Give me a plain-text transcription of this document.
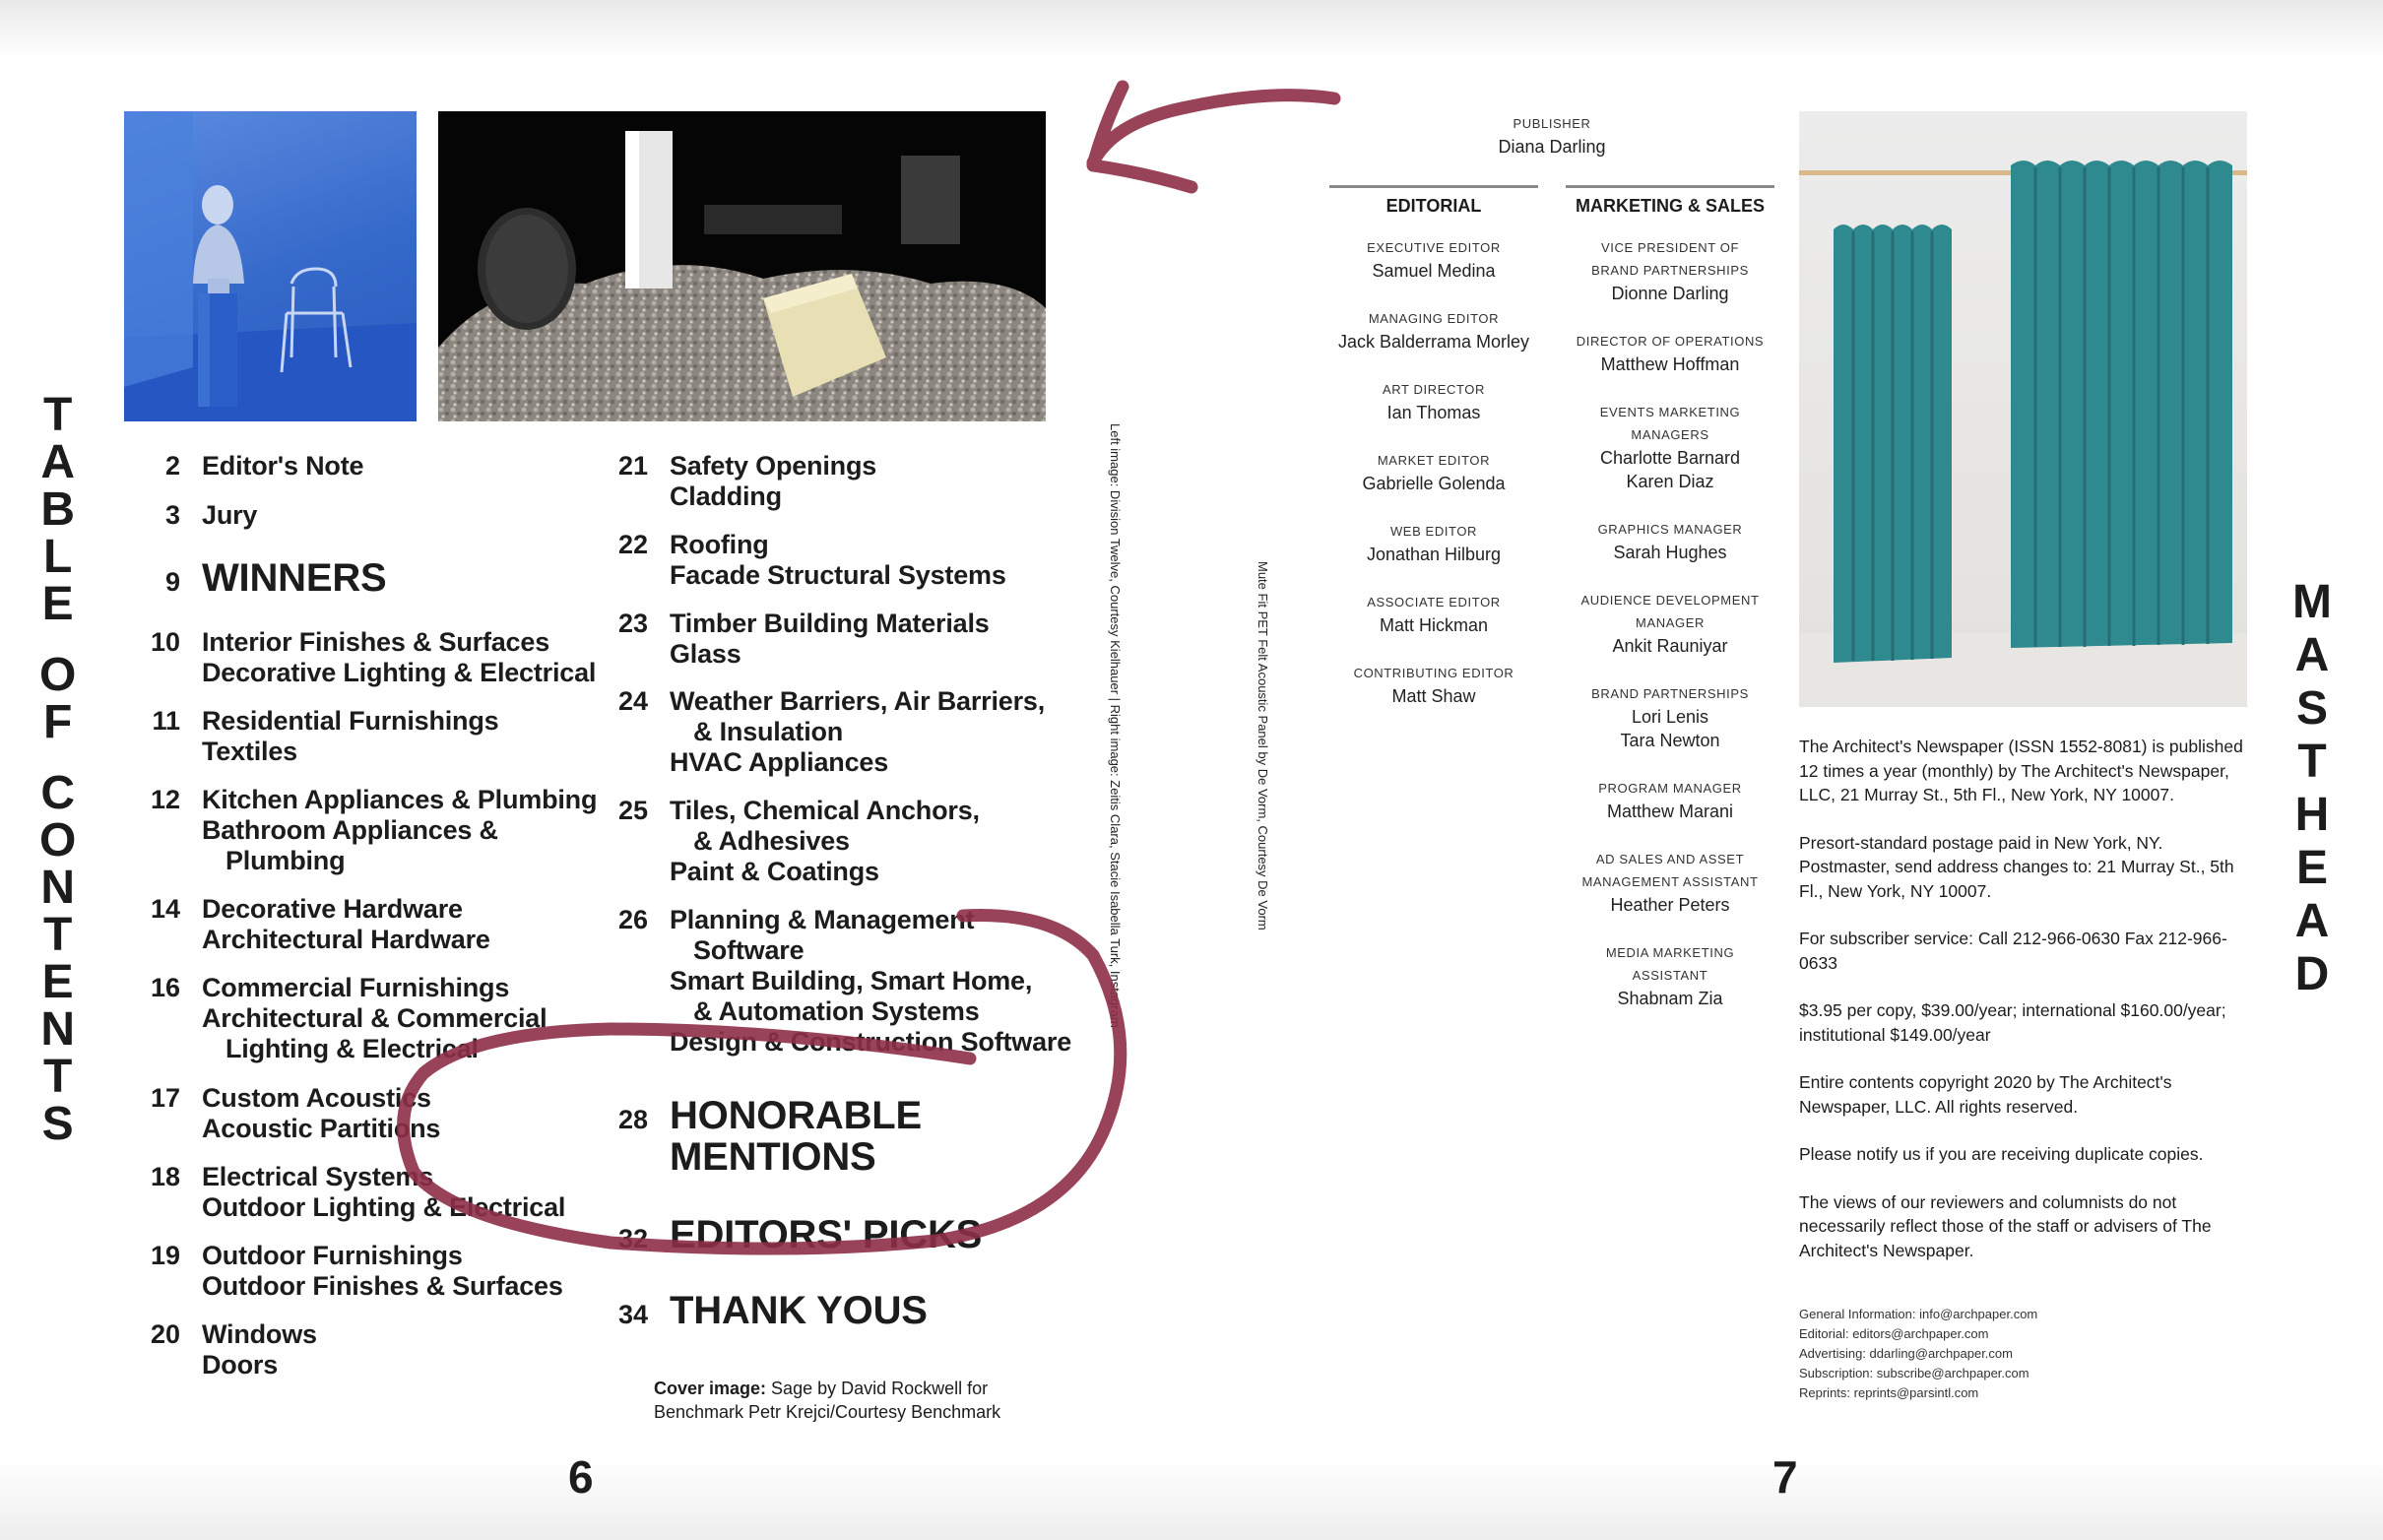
T
A
B
L
E
O
F
C
O
N
T
E
N
T
S
2 Editor's Note
3 Jury
9 WINNERS
10 Interior Finishes & Surfaces
Decorative Lighting & Electrical
11 Residential Furnishings
Textiles
12 Kitchen Appliances & Plumbing
Bathroom Appliances &
Plumbing
14 Decorative Hardware
Architectural Hardware
16 Commercial Furnishings
Architectural & Commercial
Lighting & Electrical
17 Custom Acoustics
Acoustic Partitions
18 Electrical Systems
Outdoor Lighting & Electrical
19 Outdoor Furnishings
Outdoor Finishes & Surfaces
20 Windows
Doors
21 Safety Openings
Cladding
22 Roofing
Facade Structural Systems
23 Timber Building Materials
Glass
24 Weather Barriers, Air Barriers,
& Insulation
HVAC Appliances
25 Tiles, Chemical Anchors,
& Adhesives
Paint & Coatings
26 Planning & Management
Software
Smart Building, Smart Home,
& Automation Systems
Design & Construction Software
28 HONORABLE
MENTIONS
32 EDITORS' PICKS
34 THANK YOUS
Cover image: Sage by David Rockwell for
Benchmark Petr Krejci/Courtesy Benchmark
Left image: Division Twelve, Courtesy Kielhauer | Right image: Zeitis Clara, Stacie Isabella Turk, Instagram
6
Mute Fit PET Felt Acoustic Panel by De Vorm, Courtesy De Vorm
PUBLISHER
Diana Darling
EDITORIAL	MARKETING & SALES
EXECUTIVE EDITOR
Samuel Medina
MANAGING EDITOR
Jack Balderrama Morley
ART DIRECTOR
Ian Thomas
MARKET EDITOR
Gabrielle Golenda
WEB EDITOR
Jonathan Hilburg
ASSOCIATE EDITOR
Matt Hickman
CONTRIBUTING EDITOR
Matt Shaw
VICE PRESIDENT OF
BRAND PARTNERSHIPS
Dionne Darling
DIRECTOR OF OPERATIONS
Matthew Hoffman
EVENTS MARKETING
MANAGERS
Charlotte Barnard
Karen Diaz
GRAPHICS MANAGER
Sarah Hughes
AUDIENCE DEVELOPMENT
MANAGER
Ankit Rauniyar
BRAND PARTNERSHIPS
Lori Lenis
Tara Newton
PROGRAM MANAGER
Matthew Marani
AD SALES AND ASSET
MANAGEMENT ASSISTANT
Heather Peters
MEDIA MARKETING
ASSISTANT
Shabnam Zia

The Architect's Newspaper (ISSN 1552-8081) is published 12 times a year (monthly) by The Architect's Newspaper, LLC, 21 Murray St., 5th Fl., New York, NY 10007.

Presort-standard postage paid in New York, NY. Postmaster, send address changes to: 21 Murray St., 5th Fl., New York, NY 10007.

For subscriber service: Call 212-966-0630 Fax 212-966-0633

$3.95 per copy, $39.00/year; international $160.00/year; institutional $149.00/year

Entire contents copyright 2020 by The Architect's Newspaper, LLC. All rights reserved.

Please notify us if you are receiving duplicate copies.

The views of our reviewers and columnists do not necessarily reflect those of the staff or advisers of The Architect's Newspaper.

General Information: info@archpaper.com
Editorial: editors@archpaper.com
Advertising: ddarling@archpaper.com
Subscription: subscribe@archpaper.com
Reprints: reprints@parsintl.com
M
A
S
T
H
E
A
D
7
